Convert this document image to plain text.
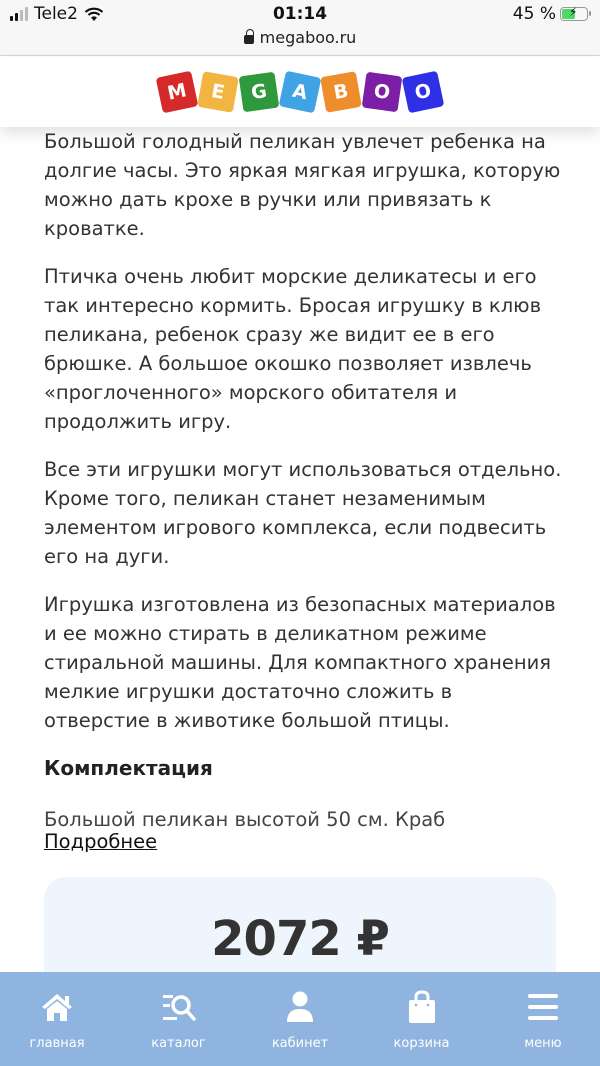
Tele2	01:14	45 % ⚡
megaboo.ru
M	E	G	A	B	O	O

Большой голодный пеликан увлечет ребенка на долгие часы. Это яркая мягкая игрушка, которую можно дать крохе в ручки или привязать к кроватке.

Птичка очень любит морские деликатесы и его так интересно кормить. Бросая игрушку в клюв пеликана, ребенок сразу же видит ее в его брюшке. А большое окошко позволяет извлечь «проглоченного» морского обитателя и продолжить игру.

Все эти игрушки могут использоваться отдельно. Кроме того, пеликан станет незаменимым элементом игрового комплекса, если подвесить его на дуги.

Игрушка изготовлена из безопасных материалов и ее можно стирать в деликатном режиме стиральной машины. Для компактного хранения мелкие игрушки достаточно сложить в отверстие в животике большой птицы.

Комплектация
Большой пеликан высотой 50 см. Краб
Подробнее
2072 ₽
главная	каталог	кабинет	корзина	меню
